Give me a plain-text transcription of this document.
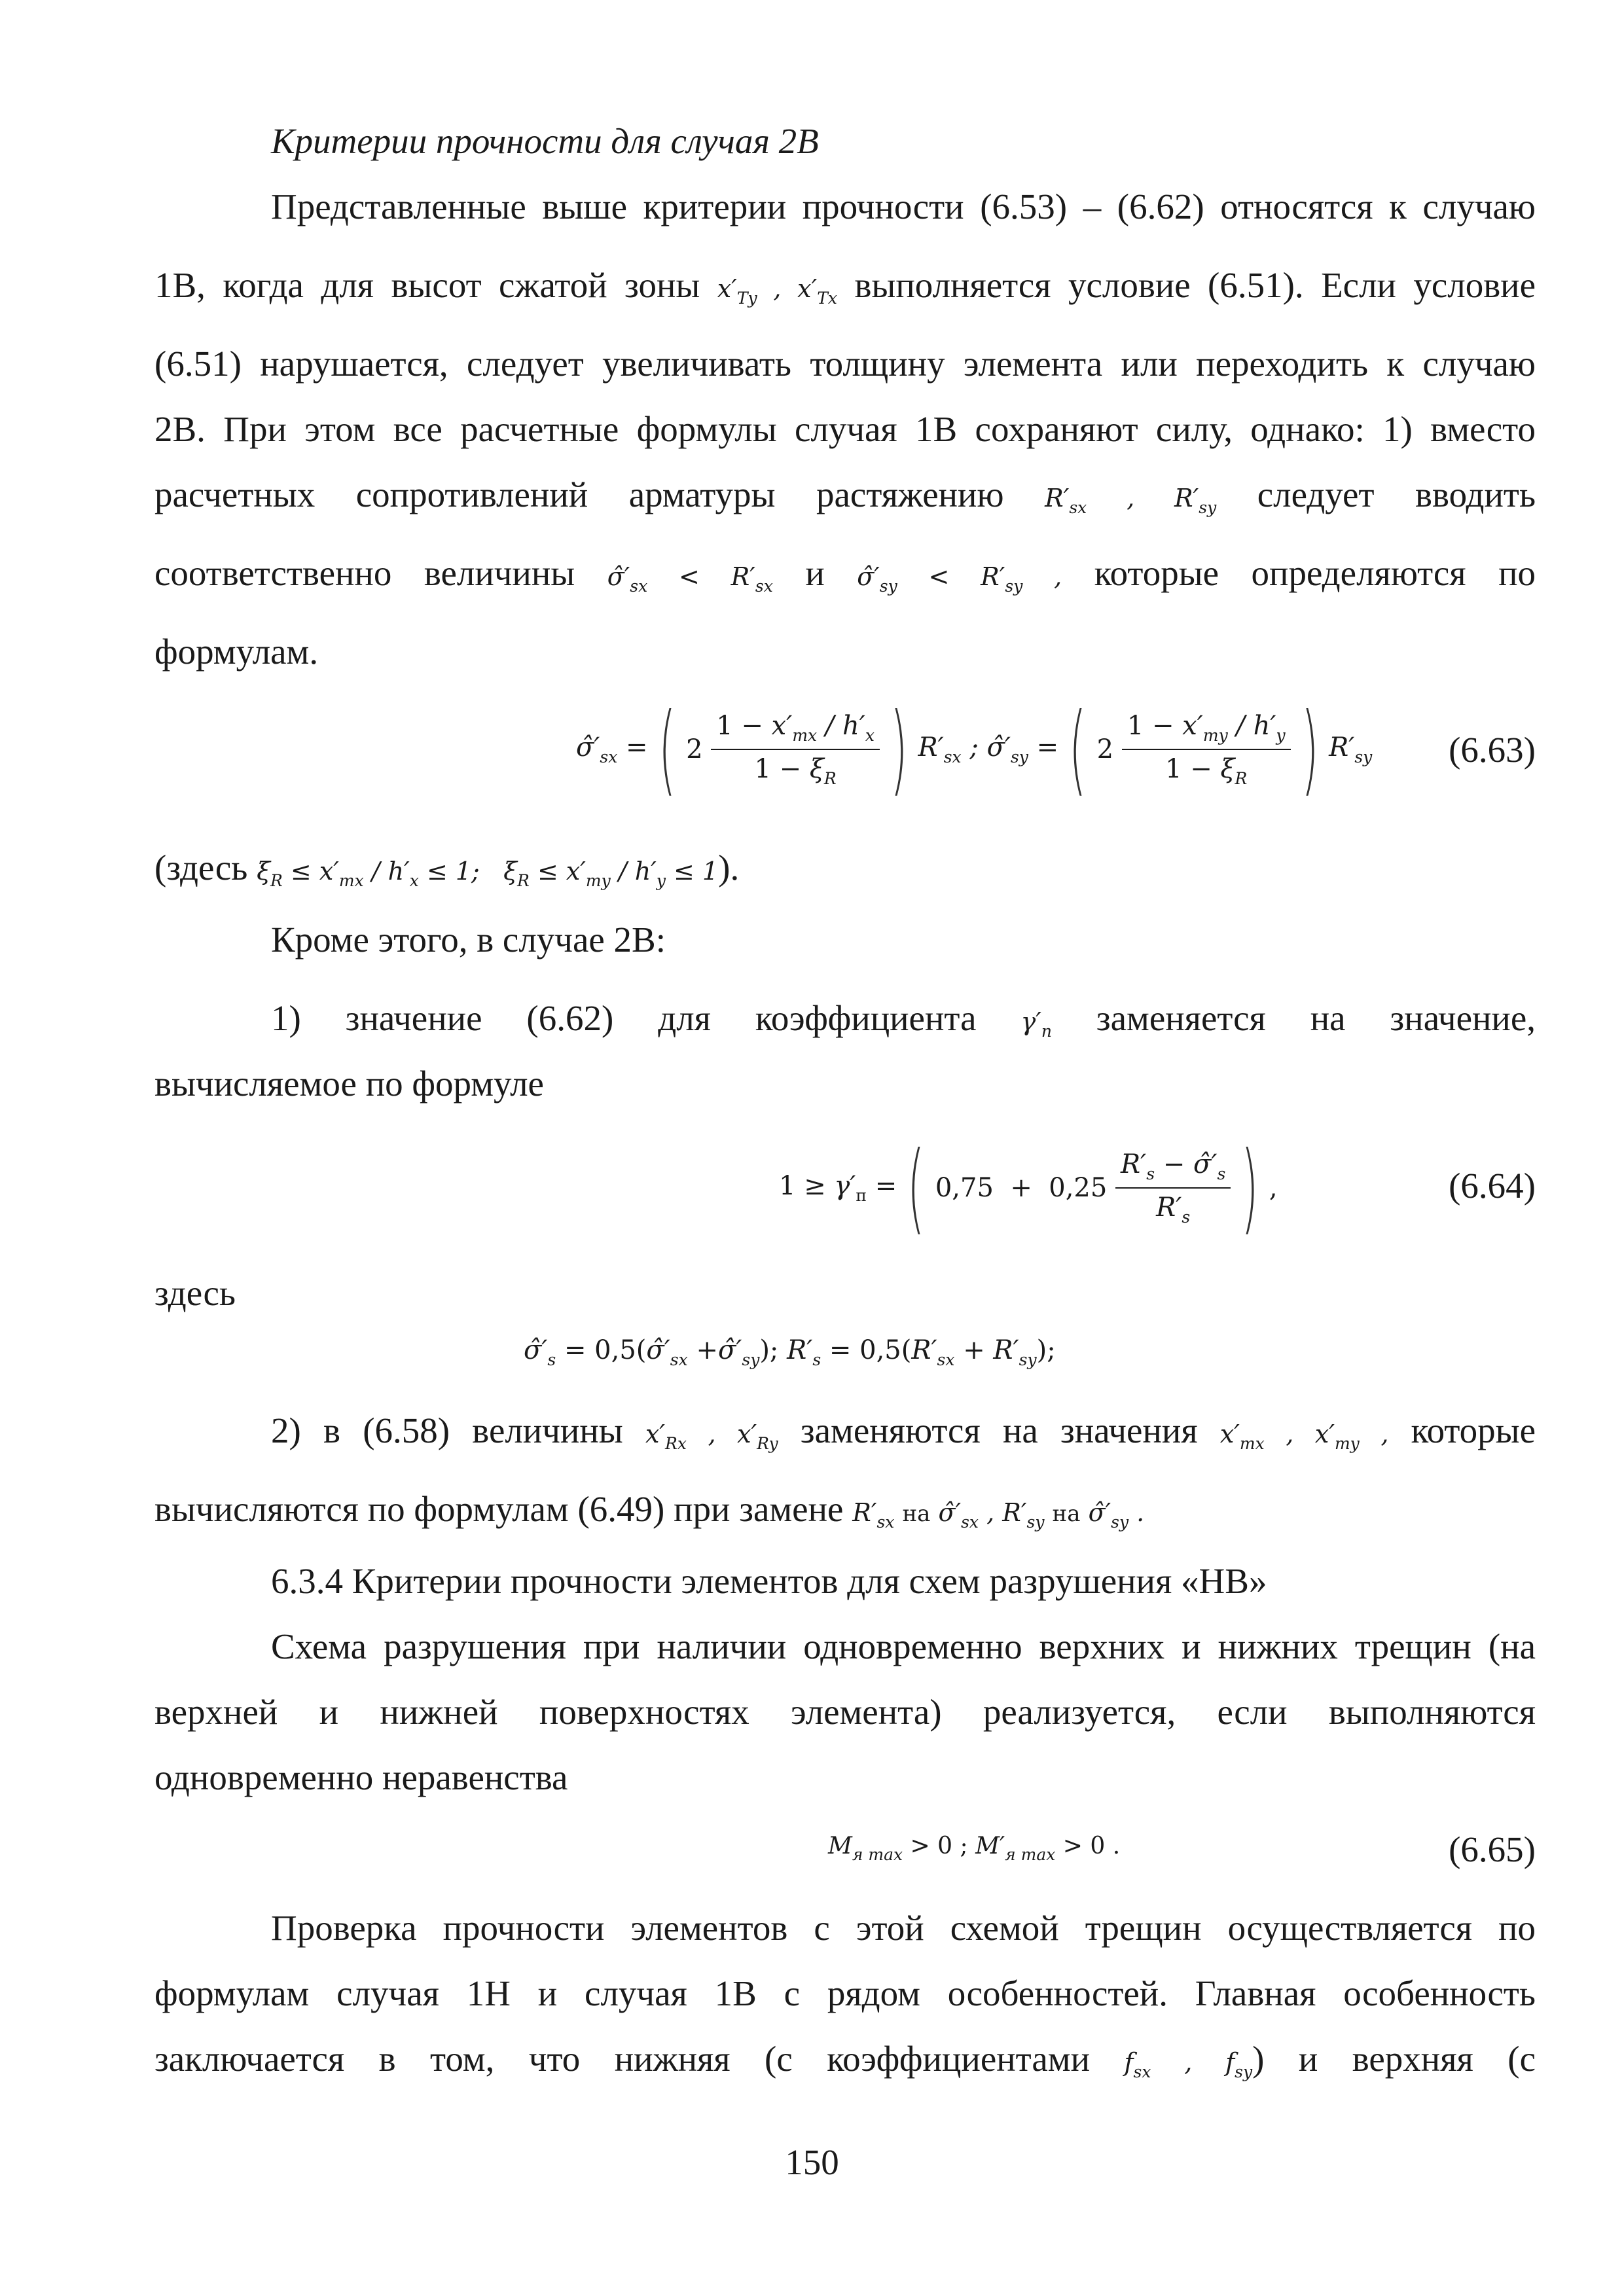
Критерии прочности для случая 2В
Представленные выше критерии прочности (6.53) – (6.62) относятся к случаю
1В, когда для высот сжатой зоны $x'_{Ty}$ , $x'_{Tx}$ выполняется условие (6.51). Если условие
(6.51) нарушается, следует увеличивать толщину элемента или переходить к случаю
2В. При этом все расчетные формулы случая 1В сохраняют силу, однако: 1) вместо
расчетных сопротивлений арматуры растяжению $R'_{sx}$ , $R'_{sy}$ следует вводить
соответственно величины $\sigmâ'_{sx} < R'_{sx}$ и $\sigmâ'_{sy} < R'_{sy}$ , которые определяются по
формулам.
$\sigmâ'_{sx}$ = ( $2 \frac{1 - x'_{тx} / h'_x}{1 - \xi_R}$ ) $R'_{sx}$ ; $\sigmâ'_{sy}$ = ( $2 \frac{1 - x'_{тy} / h'_y}{1 - \xi_R}$ ) $R'_{sy}$ (6.63)
(здесь $\xi_R \le x'_{тx} / h'_x \le 1$;   $\xi_R \le x'_{тy} / h'_y \le 1$).
Кроме этого, в случае 2В:
1) значение (6.62) для коэффициента $\gamma'_п$ заменяется на значение,
вычисляемое по формуле
$1 \ge \gamma'_п$ = ( $0,75 + 0,25 \frac{R'_s - \sigmâ'_s}{R'_s}$ ) ,	(6.64)
здесь
$\sigmâ'_s$ = $0,5(\sigmâ'_{sx}$ $+\sigmâ'_{sy}$); $R'_s = 0,5(R'_{sx} + R'_{sy})$;
2) в (6.58) величины $x'_{Rx}$ , $x'_{Ry}$ заменяются на значения $x'_{тx}$ , $x'_{тy}$ , которые
вычисляются по формулам (6.49) при замене $R'_{sx}$ на $\sigmâ'_{sx}$ , $R'_{sy}$ на $\sigmâ'_{sy}$ .
6.3.4 Критерии прочности элементов для схем разрушения «НВ»
Схема разрушения при наличии одновременно верхних и нижних трещин (на
верхней и нижней поверхностях элемента) реализуется, если выполняются
одновременно неравенства
$M_{я max} > 0$ ; $M'_{я max} > 0$ .	(6.65)
Проверка прочности элементов с этой схемой трещин осуществляется по
формулам случая 1Н и случая 1В с рядом особенностей. Главная особенность
заключается в том, что нижняя (с коэффициентами $f_{sx}$ , $f_{sy}$) и верхняя (с
150
